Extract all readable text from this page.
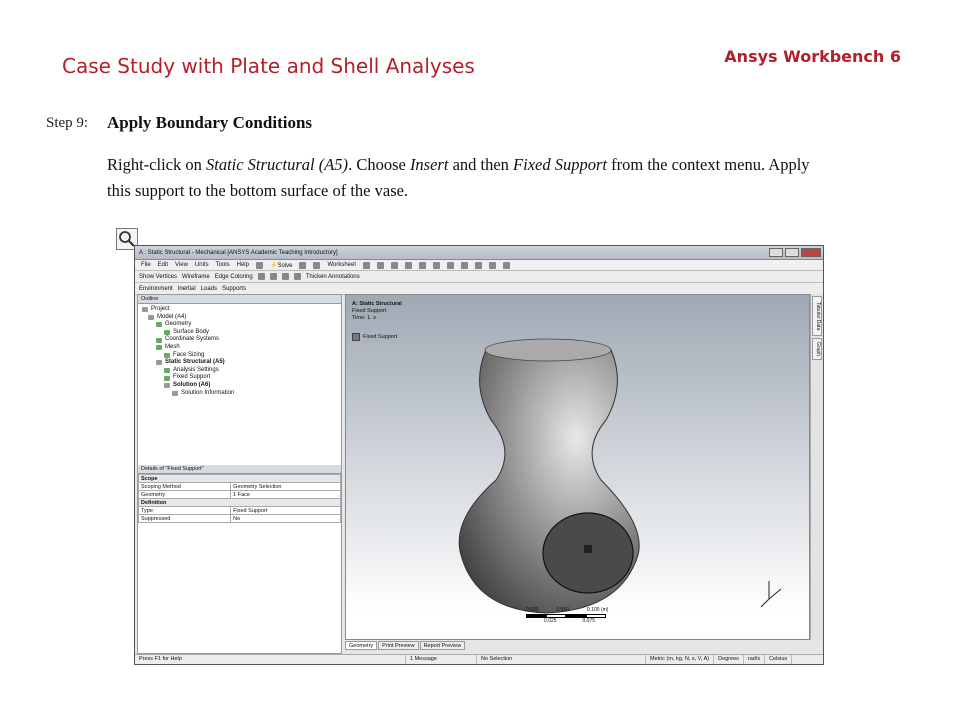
Case Study with Plate and Shell Analyses	Ansys Workbench 6
Step 9: Apply Boundary Conditions
Right-click on Static Structural (A5). Choose Insert and then Fixed Support from the context menu. Apply this support to the bottom surface of the vase.
A : Static Structural - Mechanical [ANSYS Academic Teaching Introductory]
File Edit View Units Tools Help	⚡Solve	Worksheet
Show Vertices Wireframe Edge Coloring	Thicken Annotations
Environment Inertial Loads Supports
Outline
Project
Model (A4)
Geometry
Surface Body
Coordinate Systems
Mesh
Face Sizing
Static Structural (A5)
Analysis Settings
Fixed Support
Solution (A6)
Solution Information
Details of "Fixed Support"
Scope	
Scoping Method	Geometry Selection
Geometry	1 Face
Definition	
Type	Fixed Support
Suppressed	No
A: Static Structural
Fixed Support
Time: 1. s
Fixed Support
0.000	0.050	0.100 (m)
0.025	0.075
Tabular Data
Graph
Geometry	Print Preview	Report Preview
Press F1 for Help	1 Message	No Selection	Metric (m, kg, N, s, V, A)	Degrees	rad/s	Celsius
